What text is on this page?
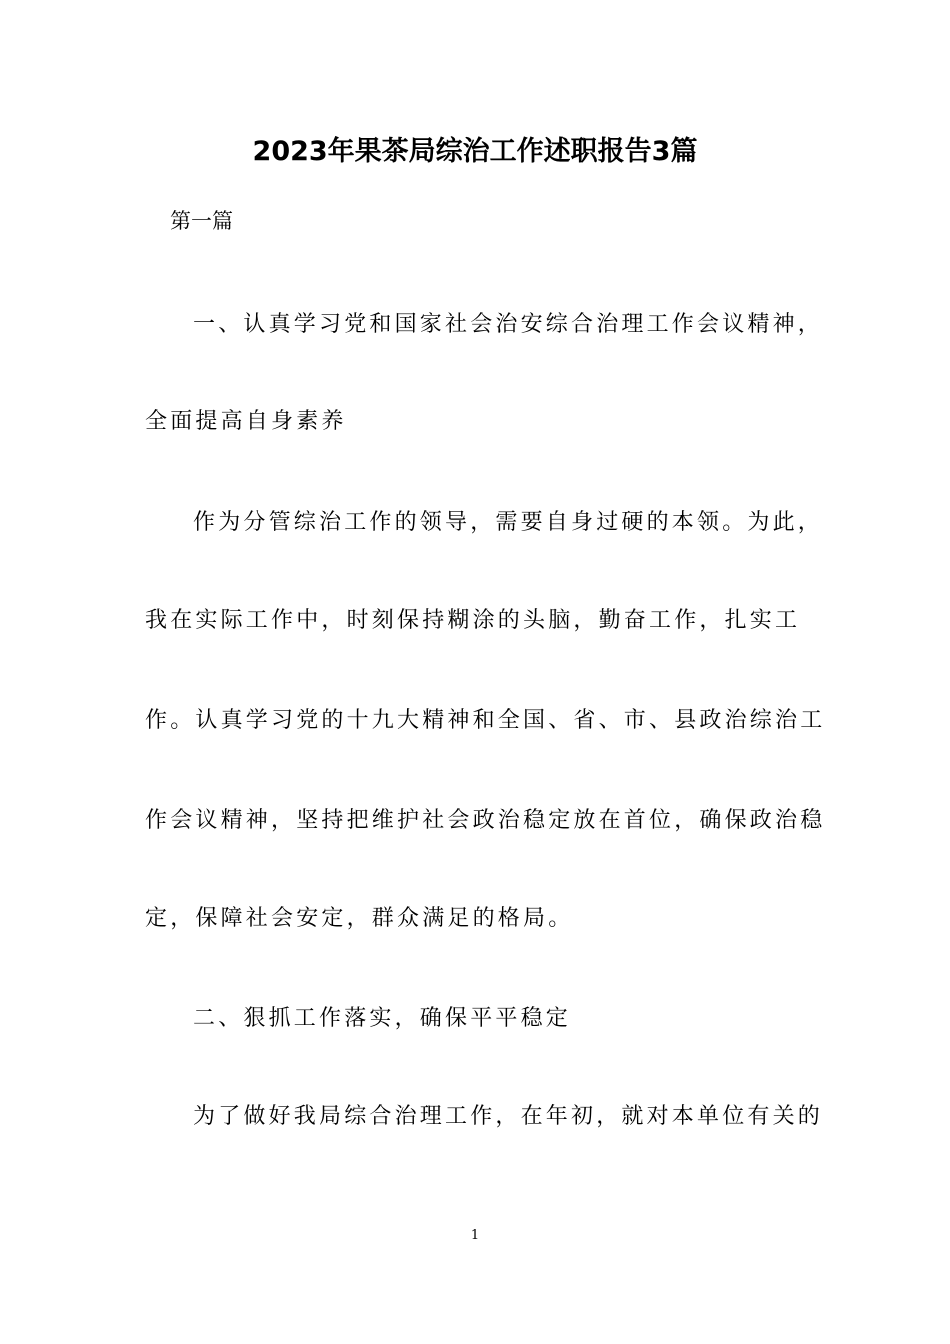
2023年果茶局综治工作述职报告3篇

第一篇

一、认真学习党和国家社会治安综合治理工作会议精神，

全面提高自身素养

作为分管综治工作的领导，需要自身过硬的本领。为此，

我在实际工作中，时刻保持糊涂的头脑，勤奋工作，扎实工

作。认真学习党的十九大精神和全国、省、市、县政治综治工

作会议精神，坚持把维护社会政治稳定放在首位，确保政治稳

定，保障社会安定，群众满足的格局。

二、狠抓工作落实，确保平平稳定

为了做好我局综合治理工作，在年初，就对本单位有关的

1
